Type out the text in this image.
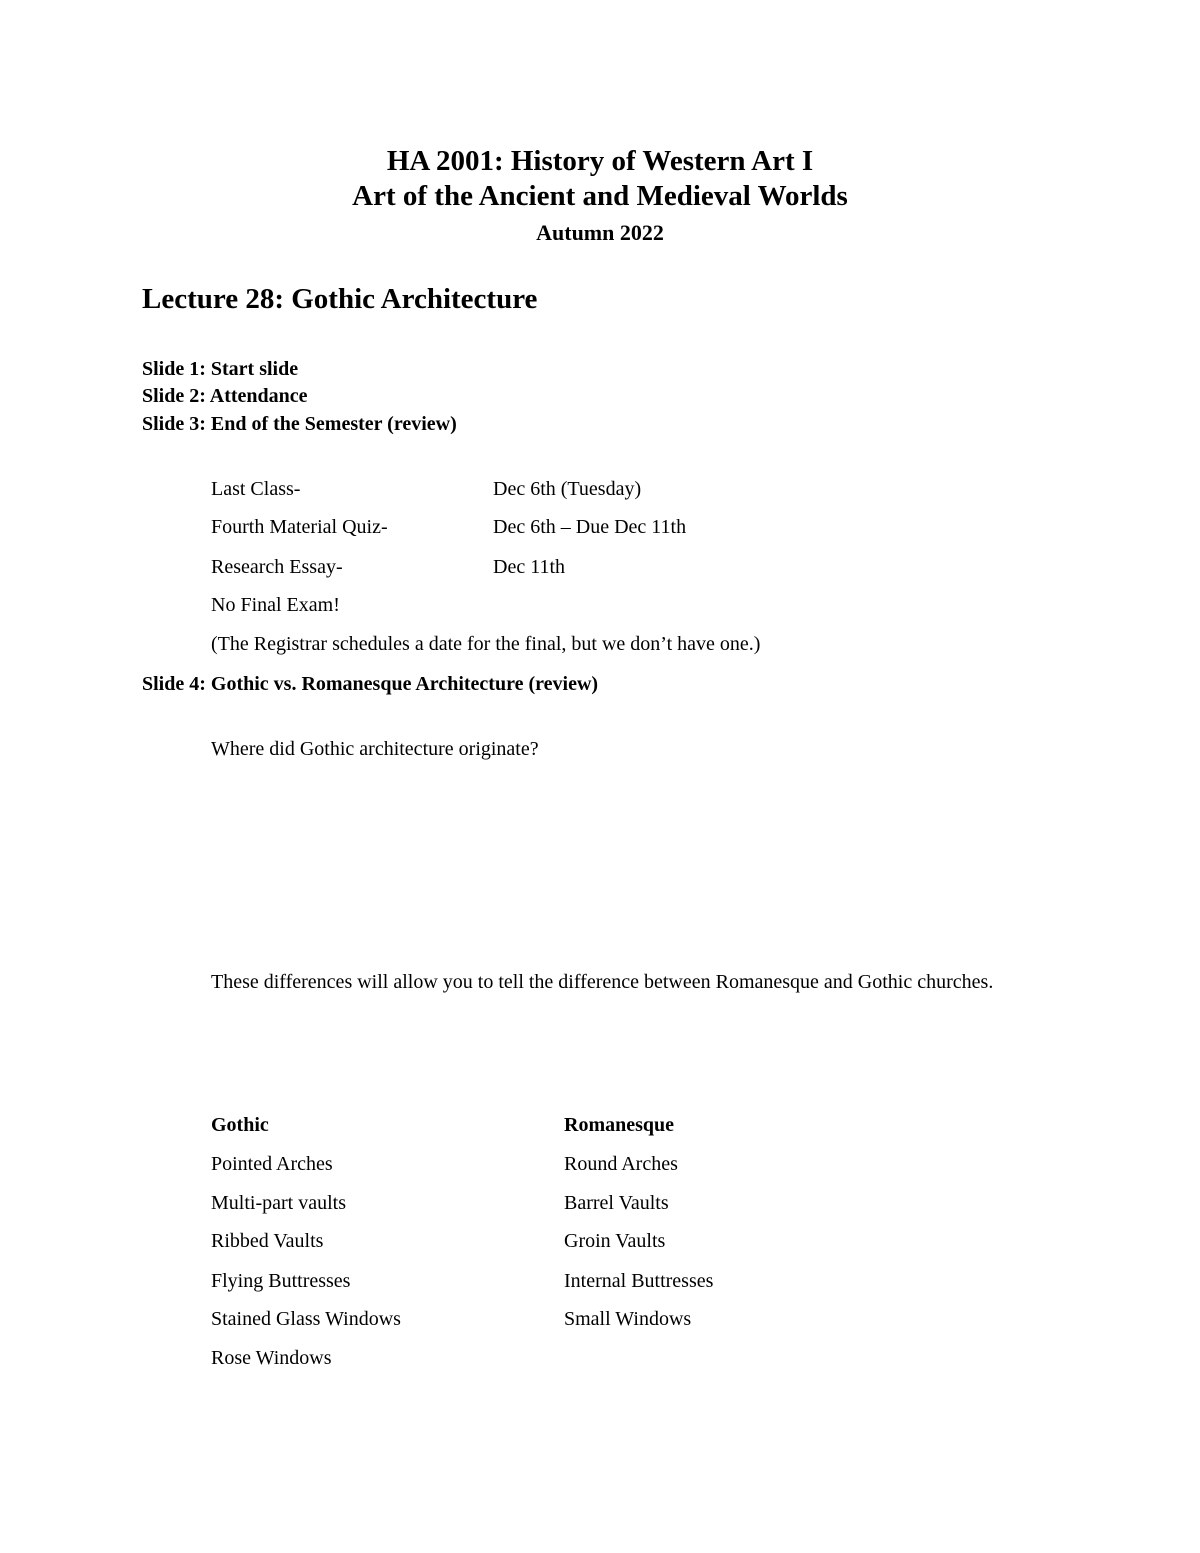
HA 2001: History of Western Art I
Art of the Ancient and Medieval Worlds
Autumn 2022
Lecture 28: Gothic Architecture
Slide 1: Start slide
Slide 2: Attendance
Slide 3: End of the Semester (review)
Last Class-	Dec 6th (Tuesday)
Fourth Material Quiz-	Dec 6th – Due Dec 11th
Research Essay-	Dec 11th
No Final Exam!
(The Registrar schedules a date for the final, but we don’t have one.)
Slide 4: Gothic vs. Romanesque Architecture (review)
Where did Gothic architecture originate?
These differences will allow you to tell the difference between Romanesque and Gothic churches.
Gothic	Romanesque
Pointed Arches	Round Arches
Multi-part vaults	Barrel Vaults
Ribbed Vaults	Groin Vaults
Flying Buttresses	Internal Buttresses
Stained Glass Windows	Small Windows
Rose Windows
